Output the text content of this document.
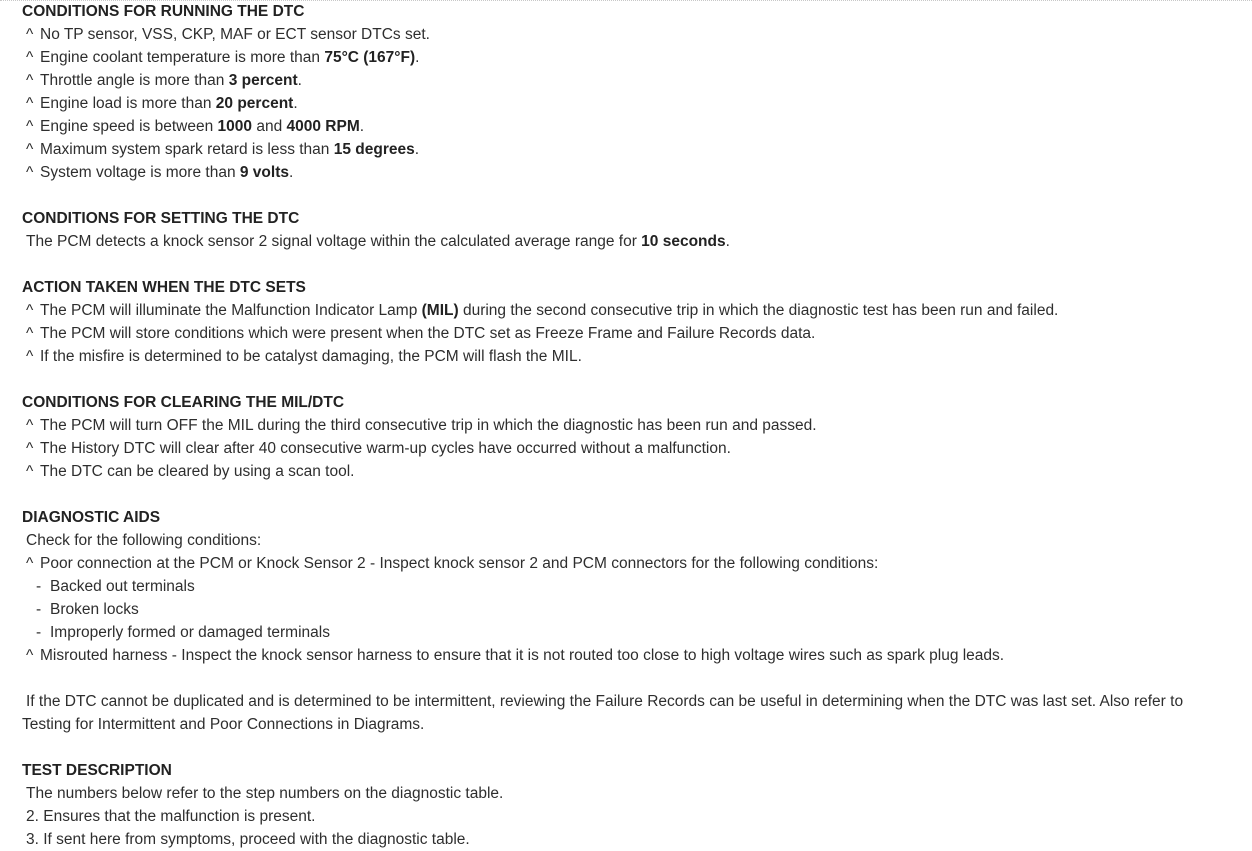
CONDITIONS FOR RUNNING THE DTC
^ No TP sensor, VSS, CKP, MAF or ECT sensor DTCs set.
^ Engine coolant temperature is more than 75°C (167°F).
^ Throttle angle is more than 3 percent.
^ Engine load is more than 20 percent.
^ Engine speed is between 1000 and 4000 RPM.
^ Maximum system spark retard is less than 15 degrees.
^ System voltage is more than 9 volts.
CONDITIONS FOR SETTING THE DTC
The PCM detects a knock sensor 2 signal voltage within the calculated average range for 10 seconds.
ACTION TAKEN WHEN THE DTC SETS
^ The PCM will illuminate the Malfunction Indicator Lamp (MIL) during the second consecutive trip in which the diagnostic test has been run and failed.
^ The PCM will store conditions which were present when the DTC set as Freeze Frame and Failure Records data.
^ If the misfire is determined to be catalyst damaging, the PCM will flash the MIL.
CONDITIONS FOR CLEARING THE MIL/DTC
^ The PCM will turn OFF the MIL during the third consecutive trip in which the diagnostic has been run and passed.
^ The History DTC will clear after 40 consecutive warm-up cycles have occurred without a malfunction.
^ The DTC can be cleared by using a scan tool.
DIAGNOSTIC AIDS
Check for the following conditions:
^ Poor connection at the PCM or Knock Sensor 2 - Inspect knock sensor 2 and PCM connectors for the following conditions:
- Backed out terminals
- Broken locks
- Improperly formed or damaged terminals
^ Misrouted harness - Inspect the knock sensor harness to ensure that it is not routed too close to high voltage wires such as spark plug leads.
If the DTC cannot be duplicated and is determined to be intermittent, reviewing the Failure Records can be useful in determining when the DTC was last set. Also refer to
Testing for Intermittent and Poor Connections in Diagrams.
TEST DESCRIPTION
The numbers below refer to the step numbers on the diagnostic table.
2. Ensures that the malfunction is present.
3. If sent here from symptoms, proceed with the diagnostic table.
